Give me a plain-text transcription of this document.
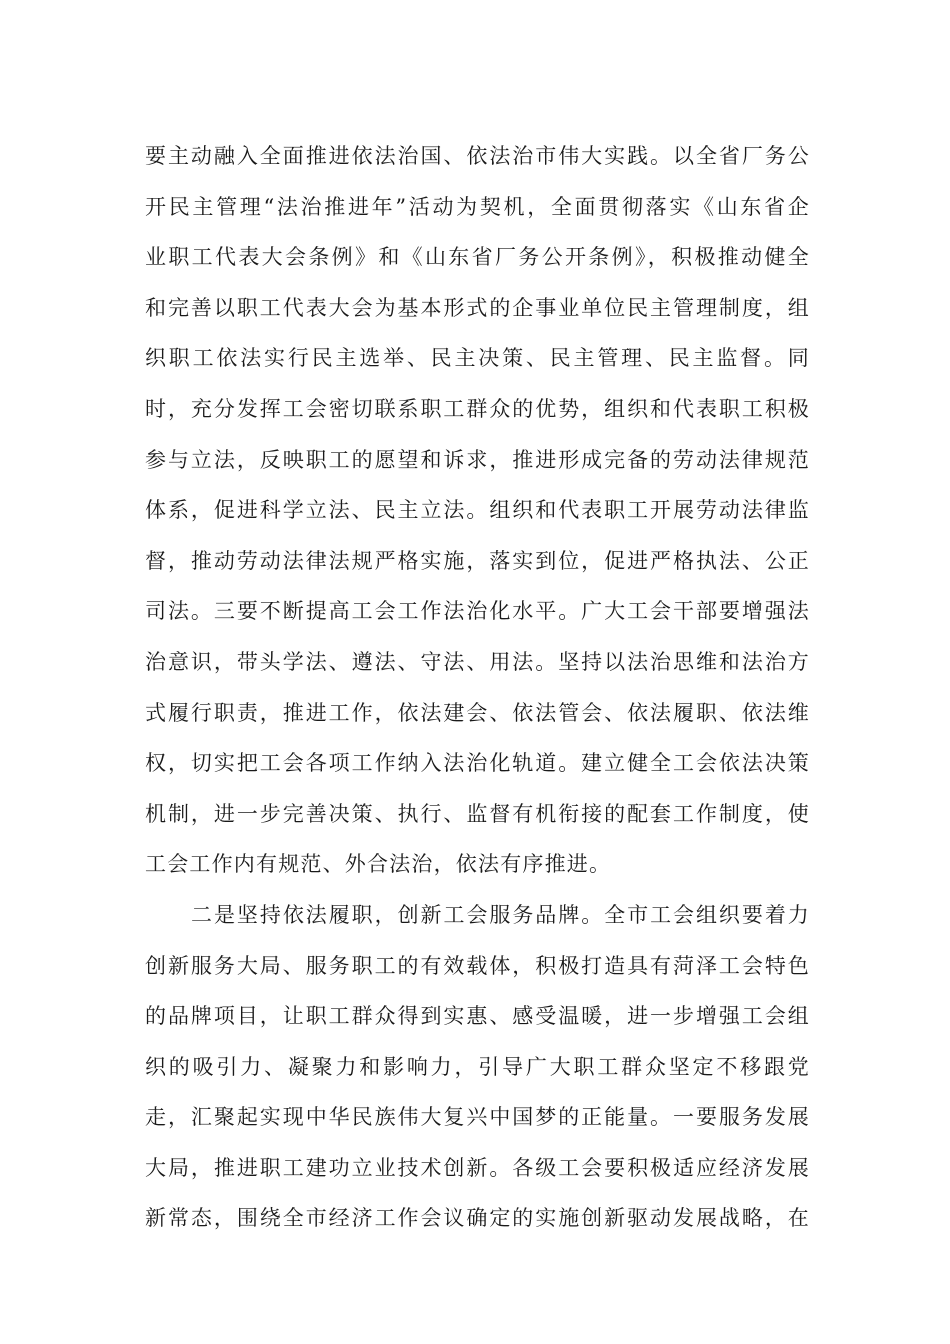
要主动融入全面推进依法治国、依法治市伟大实践。以全省厂务公
开民主管理“法治推进年”活动为契机，全面贯彻落实《山东省企
业职工代表大会条例》和《山东省厂务公开条例》，积极推动健全
和完善以职工代表大会为基本形式的企事业单位民主管理制度，组
织职工依法实行民主选举、民主决策、民主管理、民主监督。同
时，充分发挥工会密切联系职工群众的优势，组织和代表职工积极
参与立法，反映职工的愿望和诉求，推进形成完备的劳动法律规范
体系，促进科学立法、民主立法。组织和代表职工开展劳动法律监
督，推动劳动法律法规严格实施，落实到位，促进严格执法、公正
司法。三要不断提高工会工作法治化水平。广大工会干部要增强法
治意识，带头学法、遵法、守法、用法。坚持以法治思维和法治方
式履行职责，推进工作，依法建会、依法管会、依法履职、依法维
权，切实把工会各项工作纳入法治化轨道。建立健全工会依法决策
机制，进一步完善决策、执行、监督有机衔接的配套工作制度，使
工会工作内有规范、外合法治，依法有序推进。
二是坚持依法履职，创新工会服务品牌。全市工会组织要着力
创新服务大局、服务职工的有效载体，积极打造具有菏泽工会特色
的品牌项目，让职工群众得到实惠、感受温暖，进一步增强工会组
织的吸引力、凝聚力和影响力，引导广大职工群众坚定不移跟党
走，汇聚起实现中华民族伟大复兴中国梦的正能量。一要服务发展
大局，推进职工建功立业技术创新。各级工会要积极适应经济发展
新常态，围绕全市经济工作会议确定的实施创新驱动发展战略，在
